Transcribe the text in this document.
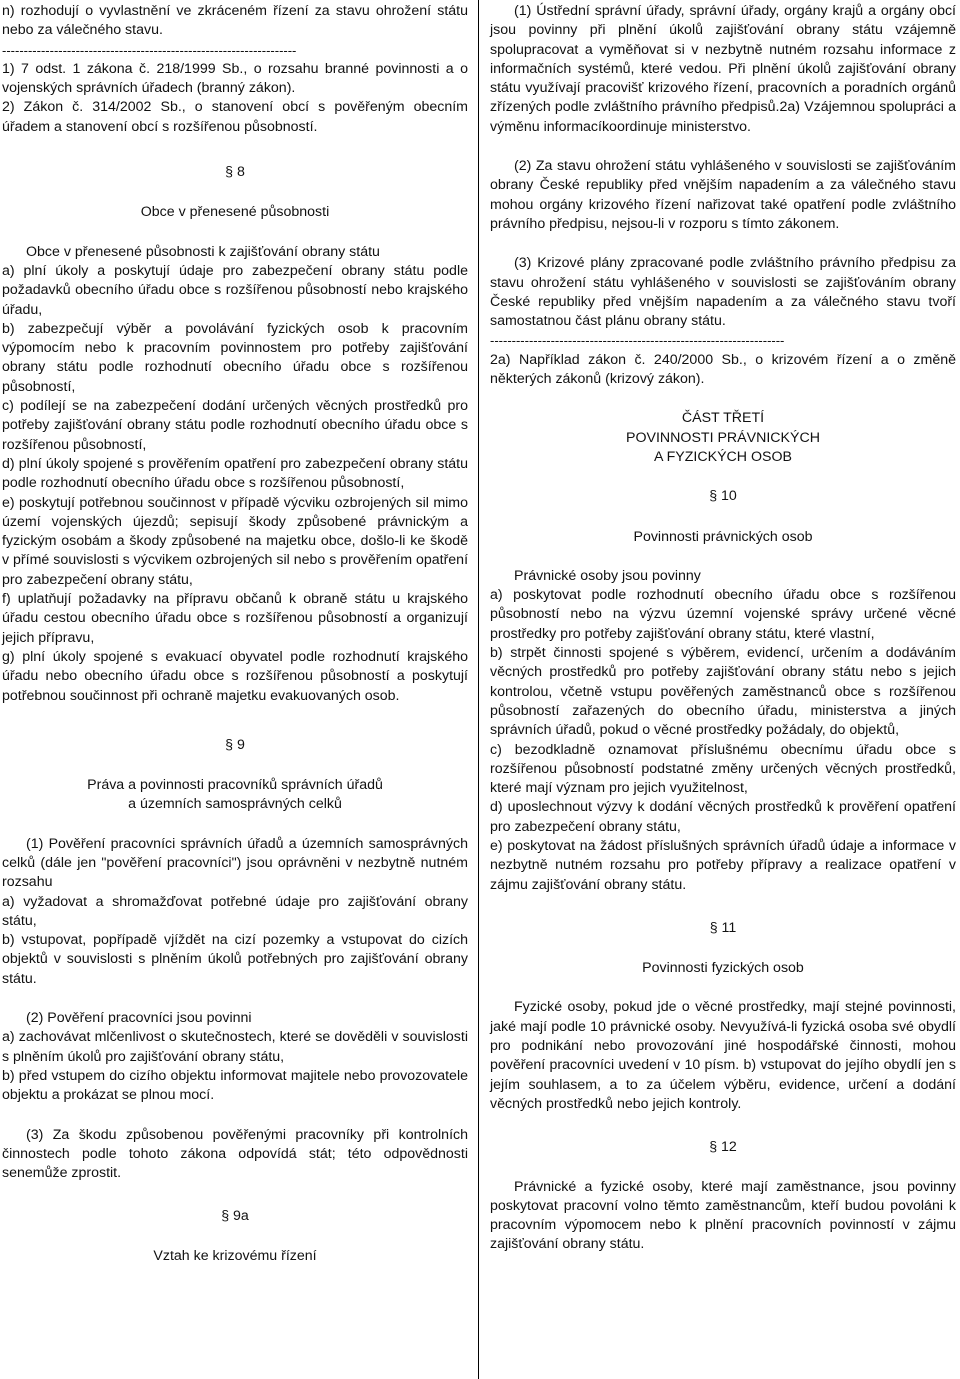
n) rozhodují o vyvlastnění ve zkráceném řízení za stavu ohrožení státu nebo za válečného stavu.

--------------------------------------------------------------------

1) 7 odst. 1 zákona č. 218/1999 Sb., o rozsahu branné povinnosti a o vojenských správních úřadech (branný zákon).

2) Zákon č. 314/2002 Sb., o stanovení obcí s pověřeným obecním úřadem a stanovení obcí s rozšířenou působností.

§ 8

Obce v přenesené působnosti

Obce v přenesené působnosti k zajišťování obrany státu

a) plní úkoly a poskytují údaje pro zabezpečení obrany státu podle požadavků obecního úřadu obce s rozšířenou působností nebo krajského úřadu,

b) zabezpečují výběr a povolávání fyzických osob k pracovním výpomocím nebo k pracovním povinnostem pro potřeby zajišťování obrany státu podle rozhodnutí obecního úřadu obce s rozšířenou působností,

c) podílejí se na zabezpečení dodání určených věcných prostředků pro potřeby zajišťování obrany státu podle rozhodnutí obecního úřadu obce s rozšířenou působností,

d) plní úkoly spojené s prověřením opatření pro zabezpečení obrany státu podle rozhodnutí obecního úřadu obce s rozšířenou působností,

e) poskytují potřebnou součinnost v případě výcviku ozbrojených sil mimo území vojenských újezdů; sepisují škody způsobené právnickým a fyzickým osobám a škody způsobené na majetku obce, došlo-li ke škodě v přímé souvislosti s výcvikem ozbrojených sil nebo s prověřením opatření pro zabezpečení obrany státu,

f) uplatňují požadavky na přípravu občanů k obraně státu u krajského úřadu cestou obecního úřadu obce s rozšířenou působností a organizují jejich přípravu,

g) plní úkoly spojené s evakuací obyvatel podle rozhodnutí krajského úřadu nebo obecního úřadu obce s rozšířenou působností a poskytují potřebnou součinnost při ochraně majetku evakuovaných osob.

§ 9

Práva a povinnosti pracovníků správních úřadů

a územních samosprávných celků

(1) Pověření pracovníci správních úřadů a územních samosprávných celků (dále jen "pověření pracovníci") jsou oprávněni v nezbytně nutném rozsahu

a) vyžadovat a shromažďovat potřebné údaje pro zajišťování obrany státu,

b) vstupovat, popřípadě vjíždět na cizí pozemky a vstupovat do cizích objektů v souvislosti s plněním úkolů potřebných pro zajišťování obrany státu.

(2) Pověření pracovníci jsou povinni

a) zachovávat mlčenlivost o skutečnostech, které se dověděli v souvislosti s plněním úkolů pro zajišťování obrany státu,

b) před vstupem do cizího objektu informovat majitele nebo provozovatele objektu a prokázat se plnou mocí.

(3) Za škodu způsobenou pověřenými pracovníky při kontrolních činnostech podle tohoto zákona odpovídá stát; této odpovědnosti senemůže zprostit.

§ 9a

Vztah ke krizovému řízení

(1) Ústřední správní úřady, správní úřady, orgány krajů a orgány obcí jsou povinny při plnění úkolů zajišťování obrany státu vzájemně spolupracovat a vyměňovat si v nezbytně nutném rozsahu informace z informačních systémů, které vedou. Při plnění úkolů zajišťování obrany státu využívají pracovišť krizového řízení, pracovních a poradních orgánů zřízených podle zvláštního právního předpisů.2a) Vzájemnou spolupráci a výměnu informacíkoordinuje ministerstvo.

(2) Za stavu ohrožení státu vyhlášeného v souvislosti se zajišťováním obrany České republiky před vnějším napadením a za válečného stavu mohou orgány krizového řízení nařizovat také opatření podle zvláštního právního předpisu, nejsou-li v rozporu s tímto zákonem.

(3) Krizové plány zpracované podle zvláštního právního předpisu za stavu ohrožení státu vyhlášeného v souvislosti se zajišťováním obrany České republiky před vnějším napadením a za válečného stavu tvoří samostatnou část plánu obrany státu.

--------------------------------------------------------------------

2a) Například zákon č. 240/2000 Sb., o krizovém řízení a o změně některých zákonů (krizový zákon).

ČÁST TŘETÍ

POVINNOSTI PRÁVNICKÝCH

A FYZICKÝCH OSOB

§ 10

Povinnosti právnických osob

Právnické osoby jsou povinny

a) poskytovat podle rozhodnutí obecního úřadu obce s rozšířenou působností nebo na výzvu územní vojenské správy určené věcné prostředky pro potřeby zajišťování obrany státu, které vlastní,

b) strpět činnosti spojené s výběrem, evidencí, určením a dodáváním věcných prostředků pro potřeby zajišťování obrany státu nebo s jejich kontrolou, včetně vstupu pověřených zaměstnanců obce s rozšířenou působností zařazených do obecního úřadu, ministerstva a jiných správních úřadů, pokud o věcné prostředky požádaly, do objektů,

c) bezodkladně oznamovat příslušnému obecnímu úřadu obce s rozšířenou působností podstatné změny určených věcných prostředků, které mají význam pro jejich využitelnost,

d) uposlechnout výzvy k dodání věcných prostředků k prověření opatření pro zabezpečení obrany státu,

e) poskytovat na žádost příslušných správních úřadů údaje a informace v nezbytně nutném rozsahu pro potřeby přípravy a realizace opatření v zájmu zajišťování obrany státu.

§ 11

Povinnosti fyzických osob

Fyzické osoby, pokud jde o věcné prostředky, mají stejné povinnosti, jaké mají podle 10 právnické osoby. Nevyužívá-li fyzická osoba své obydlí pro podnikání nebo provozování jiné hospodářské činnosti, mohou pověření pracovníci uvedení v 10 písm. b) vstupovat do jejího obydlí jen s jejím souhlasem, a to za účelem výběru, evidence, určení a dodání věcných prostředků nebo jejich kontroly.

§ 12

Právnické a fyzické osoby, které mají zaměstnance, jsou povinny poskytovat pracovní volno těmto zaměstnancům, kteří budou povoláni k pracovním výpomocem nebo k plnění pracovních povinností v zájmu zajišťování obrany státu.
